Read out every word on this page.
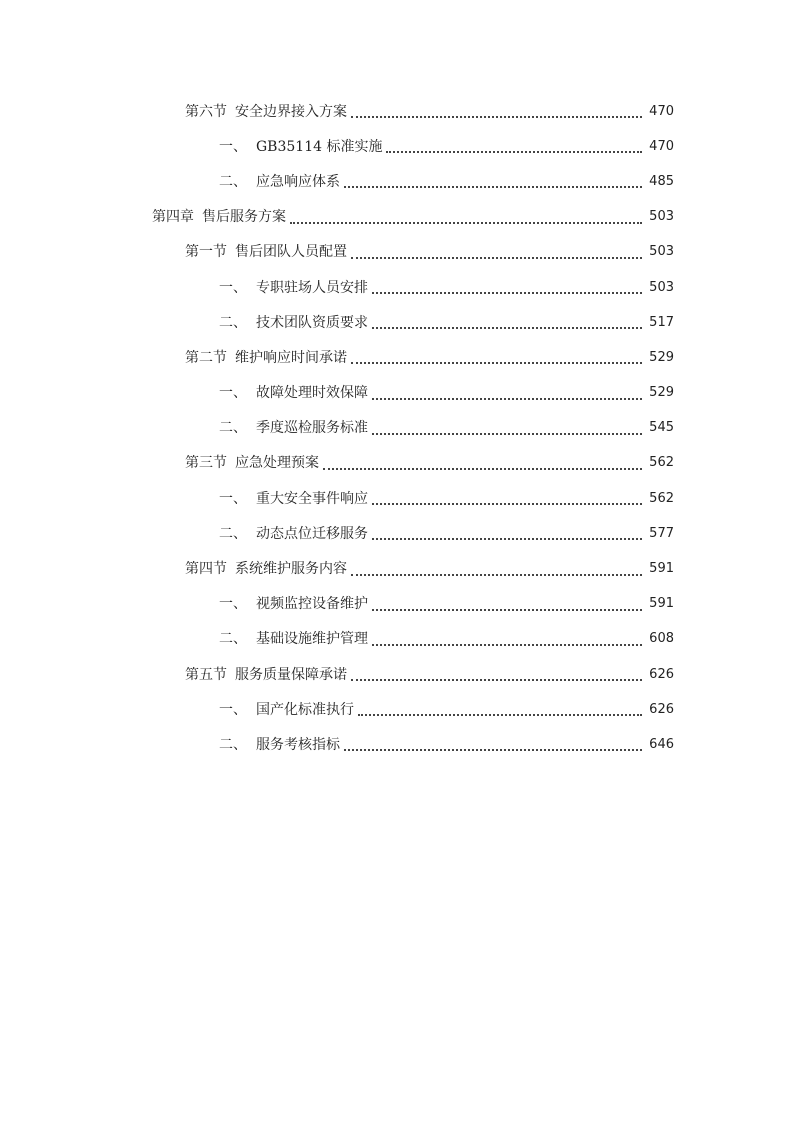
第六节 安全边界接入方案	470
一、 GB35114 标准实施	470
二、 应急响应体系	485
第四章 售后服务方案	503
第一节 售后团队人员配置	503
一、 专职驻场人员安排	503
二、 技术团队资质要求	517
第二节 维护响应时间承诺	529
一、 故障处理时效保障	529
二、 季度巡检服务标准	545
第三节 应急处理预案	562
一、 重大安全事件响应	562
二、 动态点位迁移服务	577
第四节 系统维护服务内容	591
一、 视频监控设备维护	591
二、 基础设施维护管理	608
第五节 服务质量保障承诺	626
一、 国产化标准执行	626
二、 服务考核指标	646
